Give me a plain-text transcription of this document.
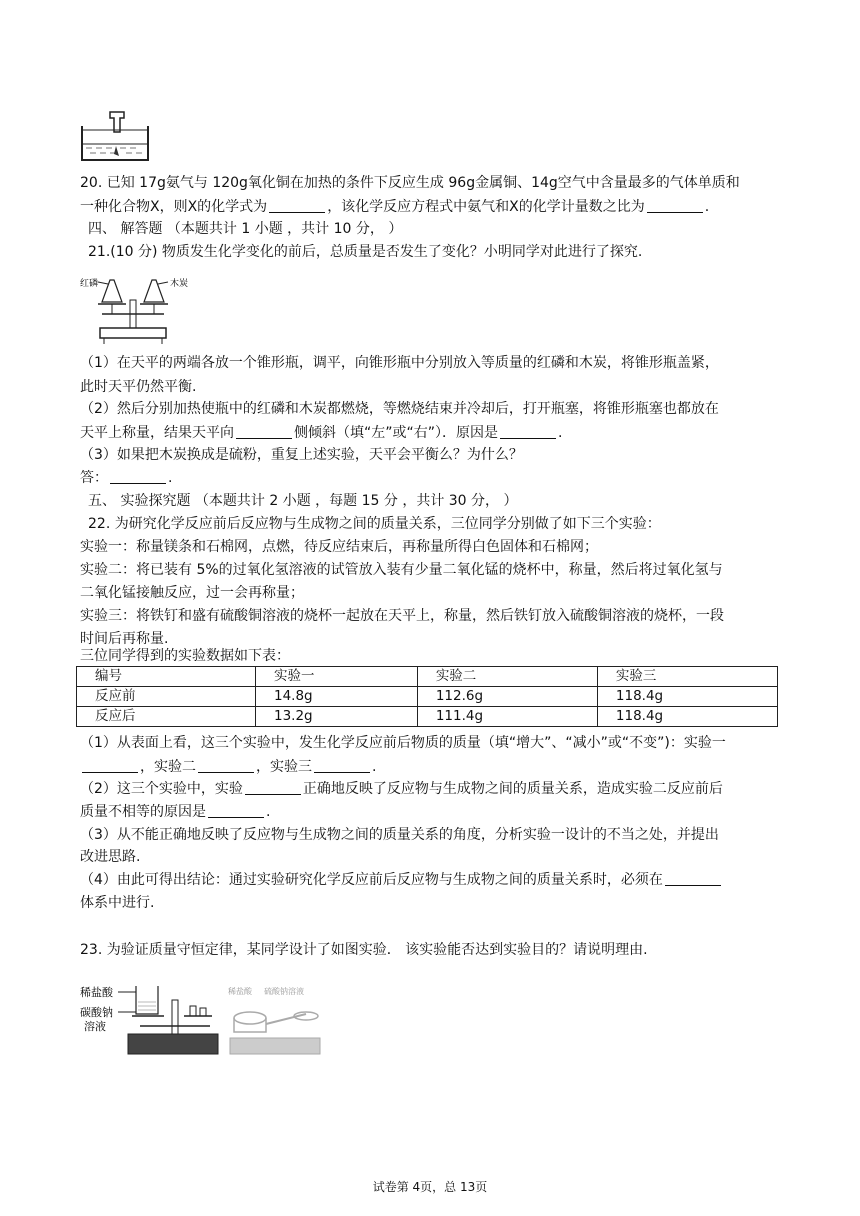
20. 已知 17g氨气与 120g氧化铜在加热的条件下反应生成 96g金属铜、14g空气中含量最多的气体单质和
一种化合物X，则X的化学式为	，该化学反应方程式中氨气和X的化学计量数之比为	.
四、 解答题 （本题共计 1 小题 ，共计 10 分， ）
21.(10 分) 物质发生化学变化的前后，总质量是否发生了变化？小明同学对此进行了探究.
红磷	木炭
（1）在天平的两端各放一个锥形瓶，调平，向锥形瓶中分别放入等质量的红磷和木炭，将锥形瓶盖紧，
此时天平仍然平衡.
（2）然后分别加热使瓶中的红磷和木炭都燃烧，等燃烧结束并冷却后，打开瓶塞，将锥形瓶塞也都放在
天平上称量，结果天平向	侧倾斜（填“左”或“右”）．原因是	.
（3）如果把木炭换成是硫粉，重复上述实验，天平会平衡么？为什么？
答：	.
五、 实验探究题 （本题共计 2 小题 ，每题 15 分 ，共计 30 分， ）
22. 为研究化学反应前后反应物与生成物之间的质量关系，三位同学分别做了如下三个实验：
实验一：称量镁条和石棉网，点燃，待反应结束后，再称量所得白色固体和石棉网；
实验二：将已装有 5%的过氧化氢溶液的试管放入装有少量二氧化锰的烧杯中，称量，然后将过氧化氢与
二氧化锰接触反应，过一会再称量；
实验三：将铁钉和盛有硫酸铜溶液的烧杯一起放在天平上，称量，然后铁钉放入硫酸铜溶液的烧杯，一段
时间后再称量.
三位同学得到的实验数据如下表：
编号	实验一	实验二	实验三
反应前	14.8g	112.6g	118.4g
反应后	13.2g	111.4g	118.4g
（1）从表面上看，这三个实验中，发生化学反应前后物质的质量（填“增大”、“减小”或“不变”)：实验一
，实验二	，实验三	.
（2）这三个实验中，实验	正确地反映了反应物与生成物之间的质量关系，造成实验二反应前后
质量不相等的原因是	.
（3）从不能正确地反映了反应物与生成物之间的质量关系的角度，分析实验一设计的不当之处，并提出
改进思路.
（4）由此可得出结论：通过实验研究化学反应前后反应物与生成物之间的质量关系时，必须在
体系中进行.
23. 为验证质量守恒定律，某同学设计了如图实验． 该实验能否达到实验目的？请说明理由.
稀盐酸
碳酸钠
溶液
稀盐酸 硫酸钠溶液
试卷第 4页，总 13页
